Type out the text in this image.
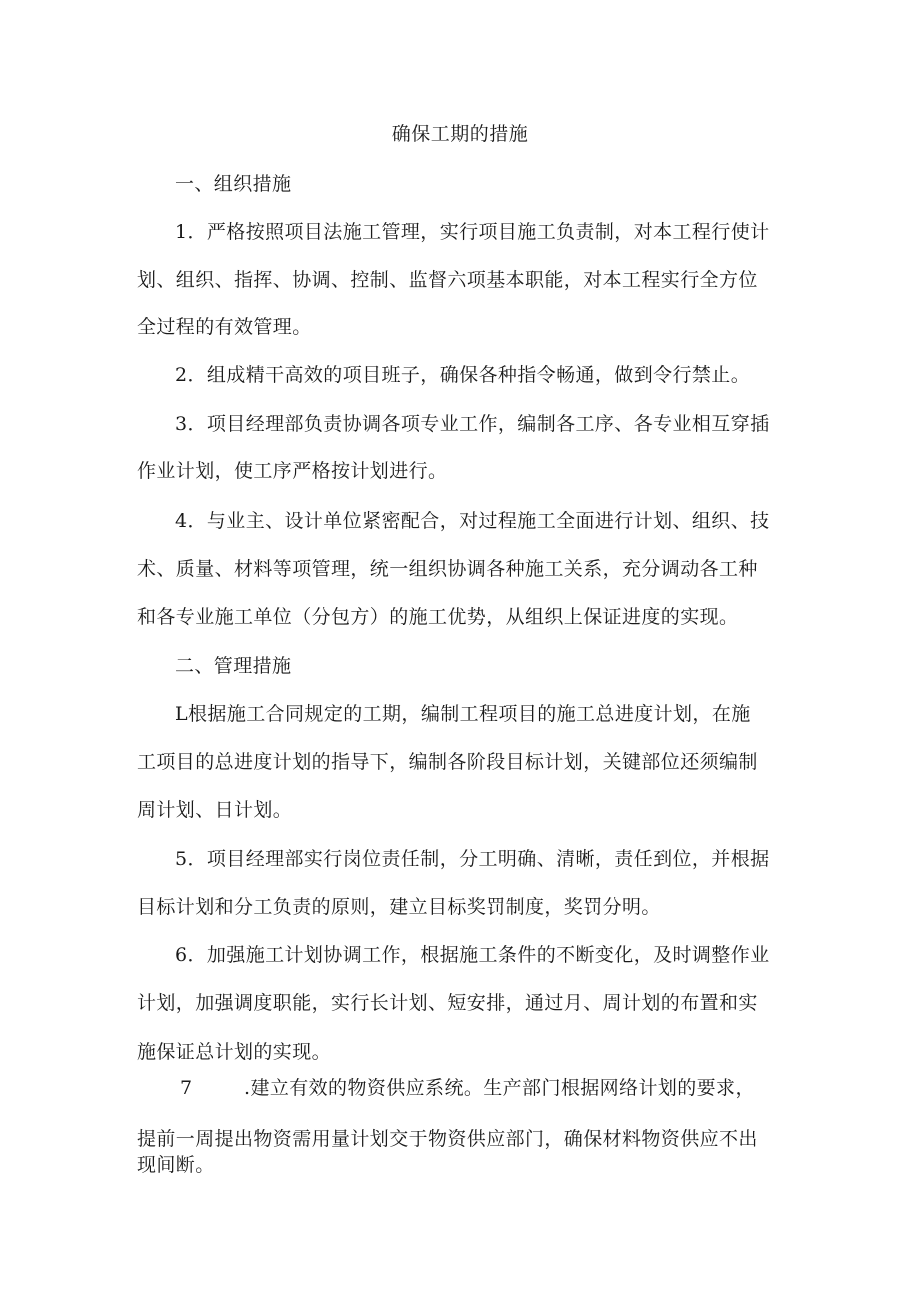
确保工期的措施
一、组织措施
1．严格按照项目法施工管理，实行项目施工负责制，对本工程行使计
划、组织、指挥、协调、控制、监督六项基本职能，对本工程实行全方位
全过程的有效管理。
2．组成精干高效的项目班子，确保各种指令畅通，做到令行禁止。
3．项目经理部负责协调各项专业工作，编制各工序、各专业相互穿插
作业计划，使工序严格按计划进行。
4．与业主、设计单位紧密配合，对过程施工全面进行计划、组织、技
术、质量、材料等项管理，统一组织协调各种施工关系，充分调动各工种
和各专业施工单位（分包方）的施工优势，从组织上保证进度的实现。
二、管理措施
L根据施工合同规定的工期，编制工程项目的施工总进度计划，在施
工项目的总进度计划的指导下，编制各阶段目标计划，关键部位还须编制
周计划、日计划。
5．项目经理部实行岗位责任制，分工明确、清晰，责任到位，并根据
目标计划和分工负责的原则，建立目标奖罚制度，奖罚分明。
6．加强施工计划协调工作，根据施工条件的不断变化，及时调整作业
计划，加强调度职能，实行长计划、短安排，通过月、周计划的布置和实
施保证总计划的实现。
7	.建立有效的物资供应系统。生产部门根据网络计划的要求，
提前一周提出物资需用量计划交于物资供应部门，确保材料物资供应不出
现间断。
